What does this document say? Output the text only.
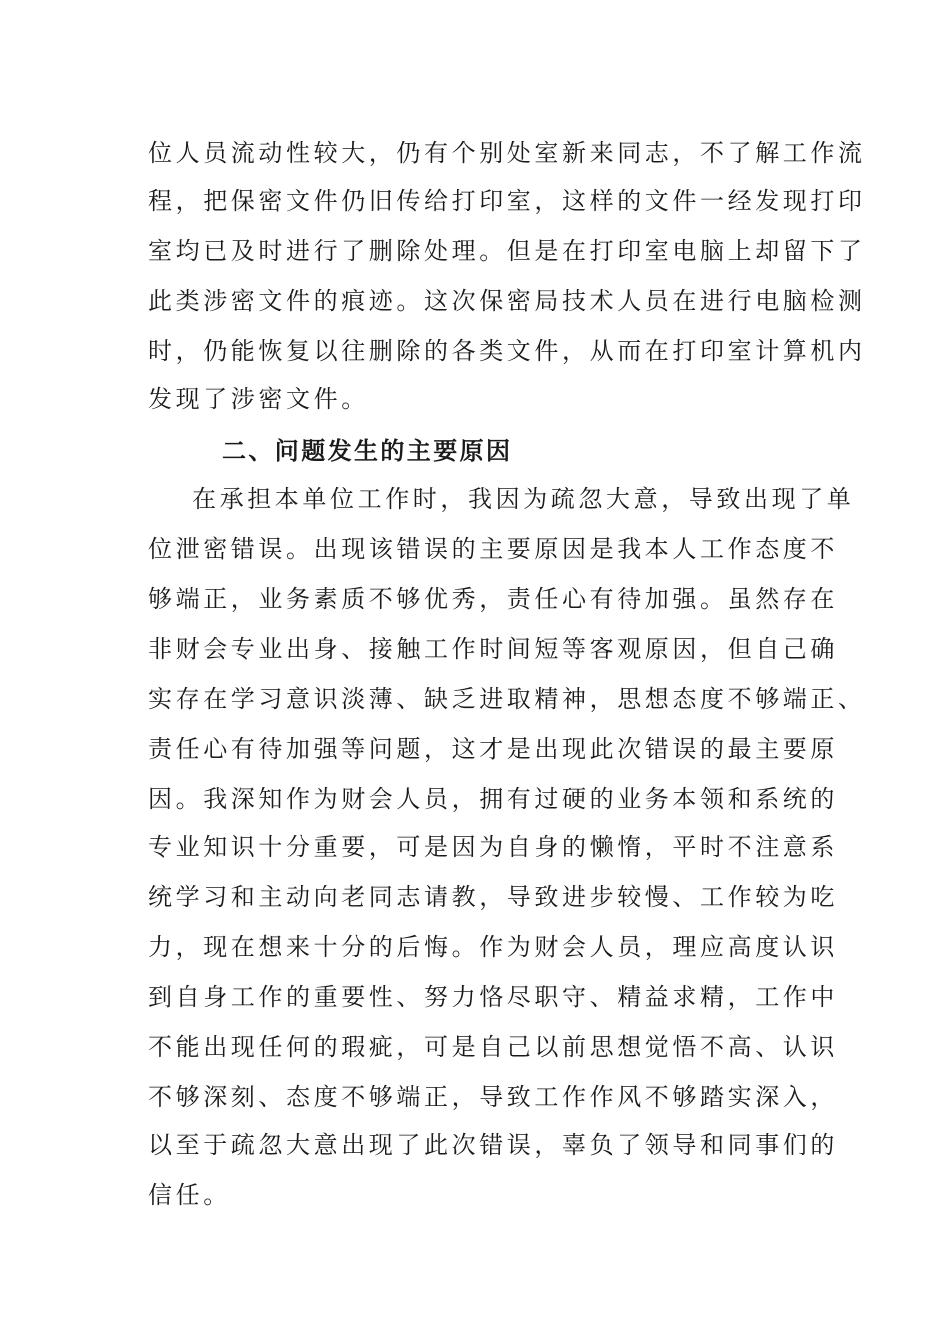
位人员流动性较大，仍有个别处室新来同志，不了解工作流
程，把保密文件仍旧传给打印室，这样的文件一经发现打印
室均已及时进行了删除处理。但是在打印室电脑上却留下了
此类涉密文件的痕迹。这次保密局技术人员在进行电脑检测
时，仍能恢复以往删除的各类文件，从而在打印室计算机内
发现了涉密文件。
二、问题发生的主要原因
在承担本单位工作时，我因为疏忽大意，导致出现了单
位泄密错误。出现该错误的主要原因是我本人工作态度不
够端正，业务素质不够优秀，责任心有待加强。虽然存在
非财会专业出身、接触工作时间短等客观原因，但自己确
实存在学习意识淡薄、缺乏进取精神，思想态度不够端正、
责任心有待加强等问题，这才是出现此次错误的最主要原
因。我深知作为财会人员，拥有过硬的业务本领和系统的
专业知识十分重要，可是因为自身的懒惰，平时不注意系
统学习和主动向老同志请教，导致进步较慢、工作较为吃
力，现在想来十分的后悔。作为财会人员，理应高度认识
到自身工作的重要性、努力恪尽职守、精益求精，工作中
不能出现任何的瑕疵，可是自己以前思想觉悟不高、认识
不够深刻、态度不够端正，导致工作作风不够踏实深入，
以至于疏忽大意出现了此次错误，辜负了领导和同事们的
信任。
